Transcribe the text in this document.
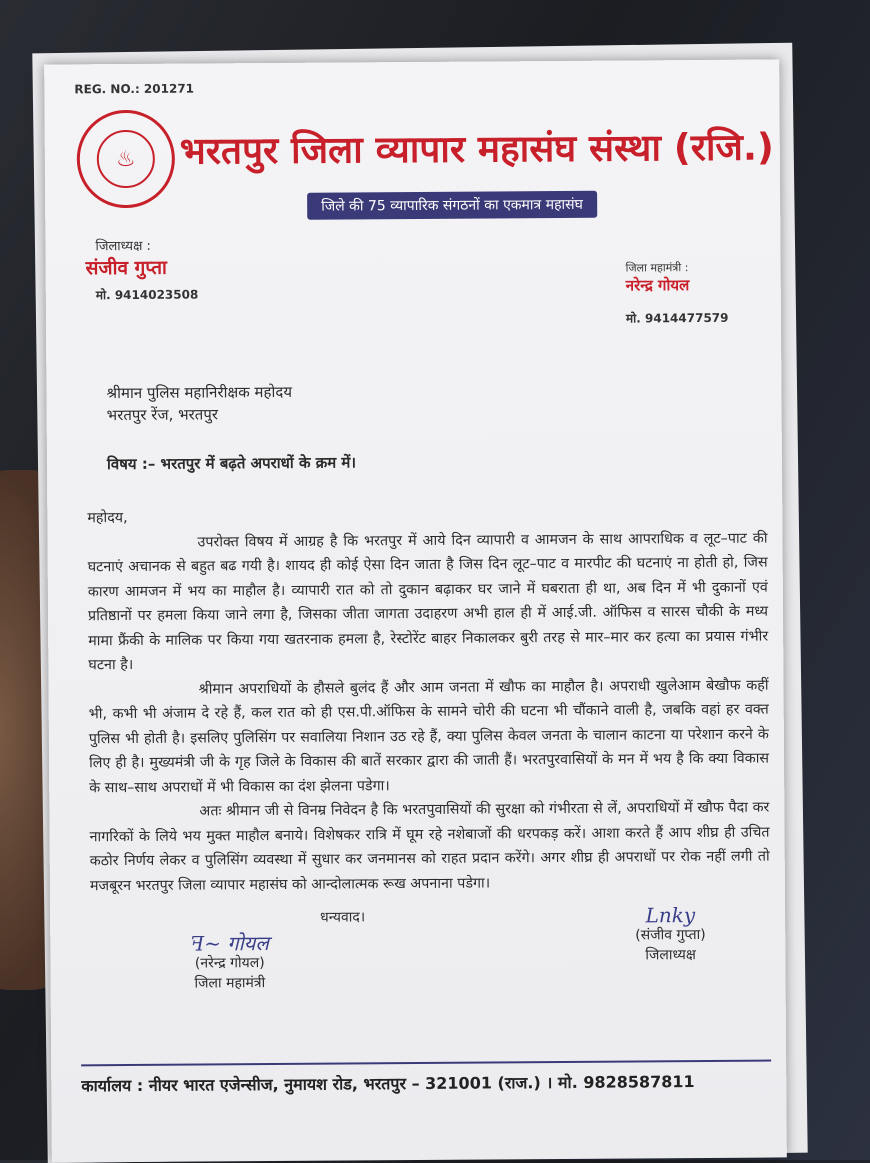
REG. NO.: 201271
♨	भरतपुर जिला व्यापार महासंघ संस्था (रजि.)
जिले की 75 व्यापारिक संगठनों का एकमात्र महासंघ
जिलाध्यक्ष :
संजीव गुप्ता
मो. 9414023508
जिला महामंत्री :
नरेन्द्र गोयल
मो. 9414477579
श्रीमान पुलिस महानिरीक्षक महोदय
भरतपुर रेंज, भरतपुर
विषय :– भरतपुर में बढ़ते अपराधों के क्रम में।

महोदय,

उपरोक्त विषय में आग्रह है कि भरतपुर में आये दिन व्यापारी व आमजन के साथ आपराधिक व लूट–पाट की घटनाएं अचानक से बहुत बढ गयी है। शायद ही कोई ऐसा दिन जाता है जिस दिन लूट–पाट व मारपीट की घटनाएं ना होती हो, जिस कारण आमजन में भय का माहौल है। व्यापारी रात को तो दुकान बढ़ाकर घर जाने में घबराता ही था, अब दिन में भी दुकानों एवं प्रतिष्ठानों पर हमला किया जाने लगा है, जिसका जीता जागता उदाहरण अभी हाल ही में आई.जी. ऑफिस व सारस चौकी के मध्य मामा फ्रैंकी के मालिक पर किया गया खतरनाक हमला है, रेस्टोरेंट बाहर निकालकर बुरी तरह से मार–मार कर हत्या का प्रयास गंभीर घटना है।

श्रीमान अपराधियों के हौसले बुलंद हैं और आम जनता में खौफ का माहौल है। अपराधी खुलेआम बेखौफ कहीं भी, कभी भी अंजाम दे रहे हैं, कल रात को ही एस.पी.ऑफिस के सामने चोरी की घटना भी चौंकाने वाली है, जबकि वहां हर वक्त पुलिस भी होती है। इसलिए पुलिसिंग पर सवालिया निशान उठ रहे हैं, क्या पुलिस केवल जनता के चालान काटना या परेशान करने के लिए ही है। मुख्यमंत्री जी के गृह जिले के विकास की बातें सरकार द्वारा की जाती हैं। भरतपुरवासियों के मन में भय है कि क्या विकास के साथ–साथ अपराधों में भी विकास का दंश झेलना पडेगा।

अतः श्रीमान जी से विनम्र निवेदन है कि भरतपुवासियों की सुरक्षा को गंभीरता से लें, अपराधियों में खौफ पैदा कर नागरिकों के लिये भय मुक्त माहौल बनाये। विशेषकर रात्रि में घूम रहे नशेबाजों की धरपकड़ करें। आशा करते हैं आप शीघ्र ही उचित कठोर निर्णय लेकर व पुलिसिंग व्यवस्था में सुधार कर जनमानस को राहत प्रदान करेंगे। अगर शीघ्र ही अपराधों पर रोक नहीं लगी तो मजबूरन भरतपुर जिला व्यापार महासंघ को आन्दोलात्मक रूख अपनाना पडेगा।

धन्यवाद।
ꟻ~ गोयल
(नरेन्द्र गोयल)
जिला महामंत्री
Lnky
(संजीव गुप्ता)
जिलाध्यक्ष
कार्यालय : नीयर भारत एजेन्सीज, नुमायश रोड, भरतपुर – 321001 (राज.) । मो. 9828587811
